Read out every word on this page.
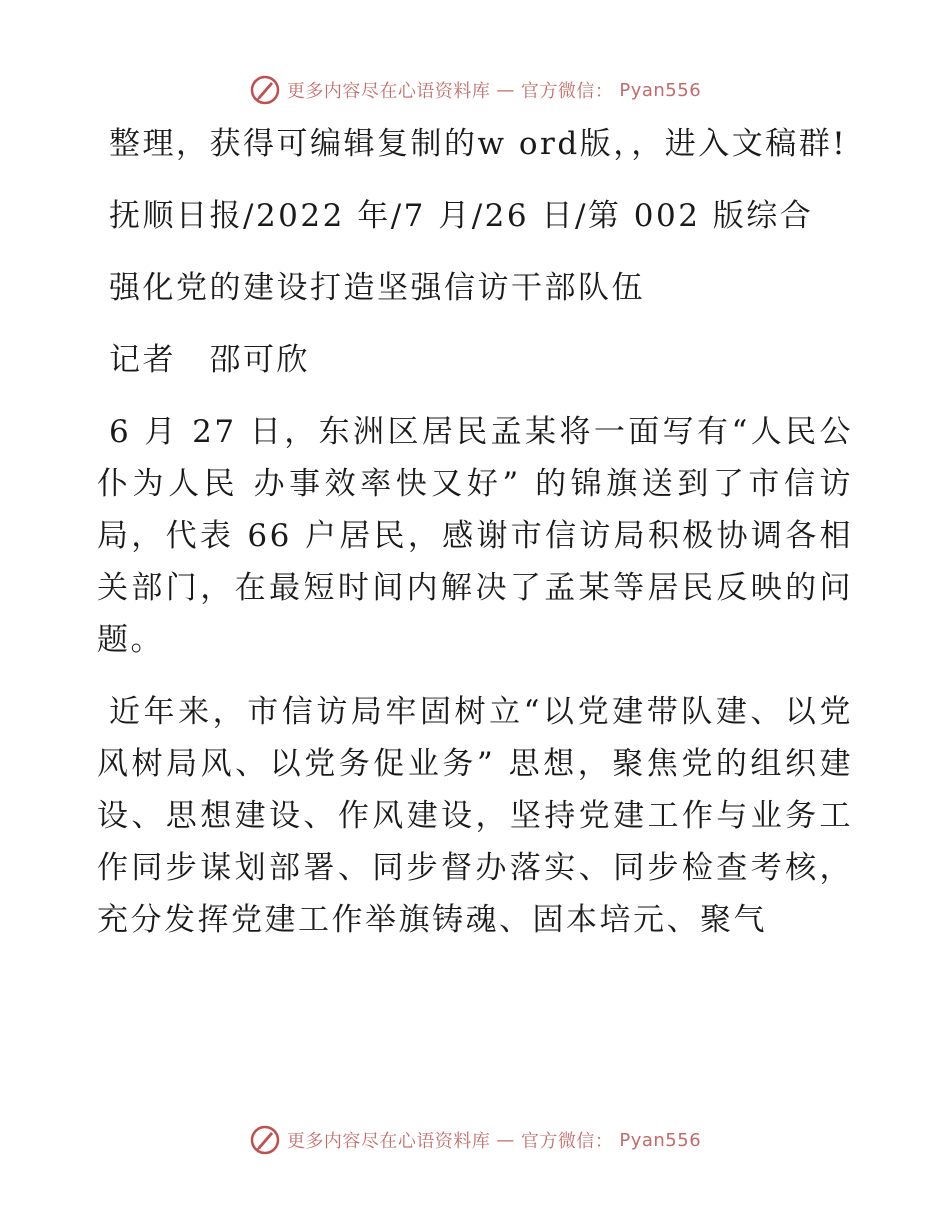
更多内容尽在心语资料库 — 官方微信： Pyan556

整理，获得可编辑复制的w ord版，，进入文稿群!

抚顺日报/2022 年/7 月/26 日/第 002 版综合

强化党的建设打造坚强信访干部队伍

记者　邵可欣

6 月 27 日，东洲区居民孟某将一面写有“人民公仆为人民 办事效率快又好” 的锦旗送到了市信访局，代表 66 户居民，感谢市信访局积极协调各相关部门，在最短时间内解决了孟某等居民反映的问题。

近年来，市信访局牢固树立“以党建带队建、以党风树局风、以党务促业务” 思想，聚焦党的组织建设、思想建设、作风建设，坚持党建工作与业务工作同步谋划部署、同步督办落实、同步检查考核，充分发挥党建工作举旗铸魂、固本培元、聚气

更多内容尽在心语资料库 — 官方微信： Pyan556
